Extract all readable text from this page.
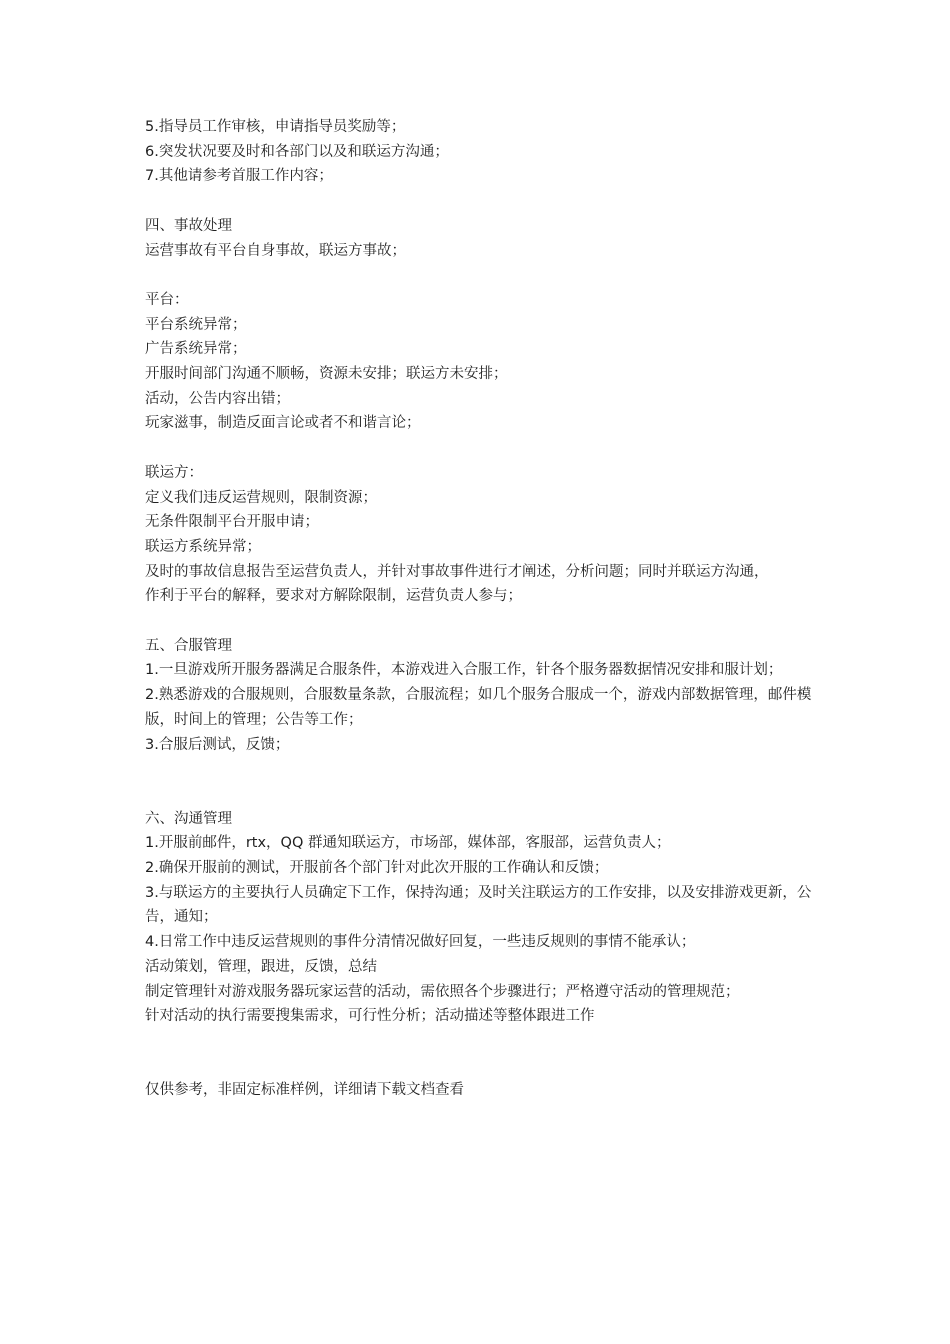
5.指导员工作审核，申请指导员奖励等；
6.突发状况要及时和各部门以及和联运方沟通；
7.其他请参考首服工作内容；
四、事故处理
运营事故有平台自身事故，联运方事故；
平台：
平台系统异常；
广告系统异常；
开服时间部门沟通不顺畅，资源未安排；联运方未安排；
活动，公告内容出错；
玩家滋事，制造反面言论或者不和谐言论；
联运方：
定义我们违反运营规则，限制资源；
无条件限制平台开服申请；
联运方系统异常；
及时的事故信息报告至运营负责人，并针对事故事件进行才阐述，分析问题；同时并联运方沟通，
作利于平台的解释，要求对方解除限制，运营负责人参与；
五、合服管理
1.一旦游戏所开服务器满足合服条件，本游戏进入合服工作，针各个服务器数据情况安排和服计划；
2.熟悉游戏的合服规则，合服数量条款，合服流程；如几个服务合服成一个，游戏内部数据管理，邮件模版，时间上的管理；公告等工作；
3.合服后测试，反馈；
六、沟通管理
1.开服前邮件，rtx，QQ 群通知联运方，市场部，媒体部，客服部，运营负责人；
2.确保开服前的测试，开服前各个部门针对此次开服的工作确认和反馈；
3.与联运方的主要执行人员确定下工作，保持沟通；及时关注联运方的工作安排，以及安排游戏更新，公告，通知；
4.日常工作中违反运营规则的事件分清情况做好回复，一些违反规则的事情不能承认；
活动策划，管理，跟进，反馈，总结
制定管理针对游戏服务器玩家运营的活动，需依照各个步骤进行；严格遵守活动的管理规范；
针对活动的执行需要搜集需求，可行性分析；活动描述等整体跟进工作
仅供参考，非固定标准样例，详细请下载文档查看
